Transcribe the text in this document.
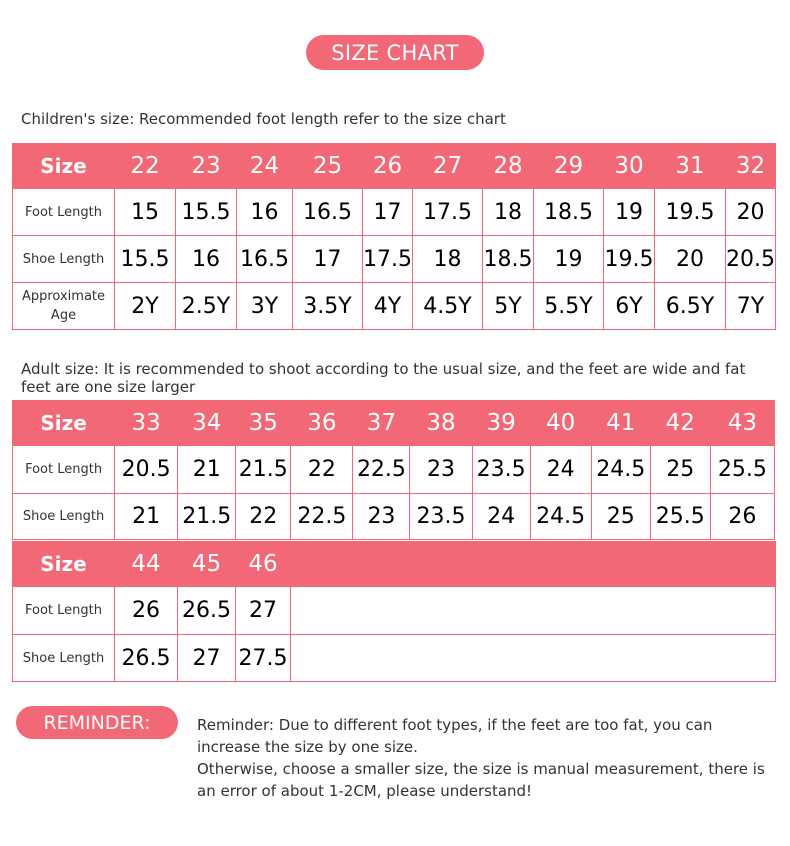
SIZE CHART
Children's size: Recommended foot length refer to the size chart
Size	22	23	24	25	26	27	28	29	30	31	32
Foot Length	15	15.5	16	16.5	17	17.5	18	18.5	19	19.5	20
Shoe Length	15.5	16	16.5	17	17.5	18	18.5	19	19.5	20	20.5
Approximate Age	2Y	2.5Y	3Y	3.5Y	4Y	4.5Y	5Y	5.5Y	6Y	6.5Y	7Y
Adult size: It is recommended to shoot according to the usual size, and the feet are wide and fat feet are one size larger
Size	33	34	35	36	37	38	39	40	41	42	43
Foot Length	20.5	21	21.5	22	22.5	23	23.5	24	24.5	25	25.5
Shoe Length	21	21.5	22	22.5	23	23.5	24	24.5	25	25.5	26
Size	44	45	46	
Foot Length	26	26.5	27	
Shoe Length	26.5	27	27.5	
REMINDER:	Reminder: Due to different foot types, if the feet are too fat, you can increase the size by one size.

Otherwise, choose a smaller size, the size is manual measurement, there is an error of about 1-2CM, please understand!
